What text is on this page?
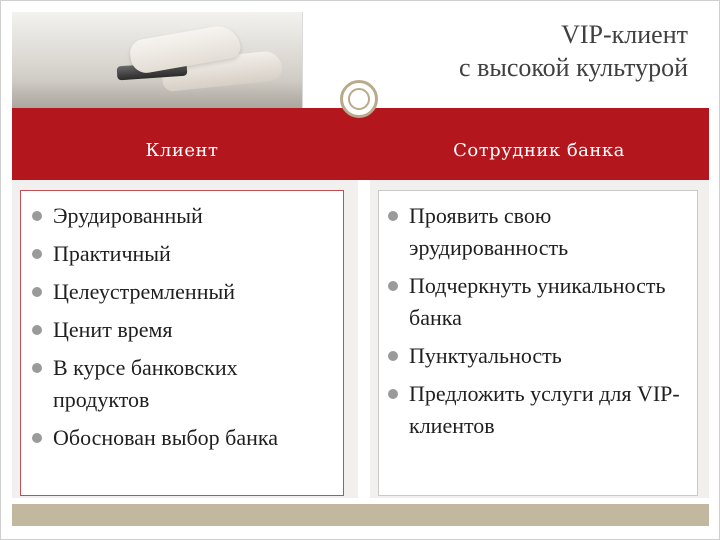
VIP-клиент
с высокой культурой
Клиент	Сотрудник банка
Эрудированный
Практичный
Целеустремленный
Ценит время
В курсе банковских продуктов
Обоснован выбор банка
Проявить свою эрудированность
Подчеркнуть уникальность банка
Пунктуальность
Предложить услуги для VIP-клиентов
